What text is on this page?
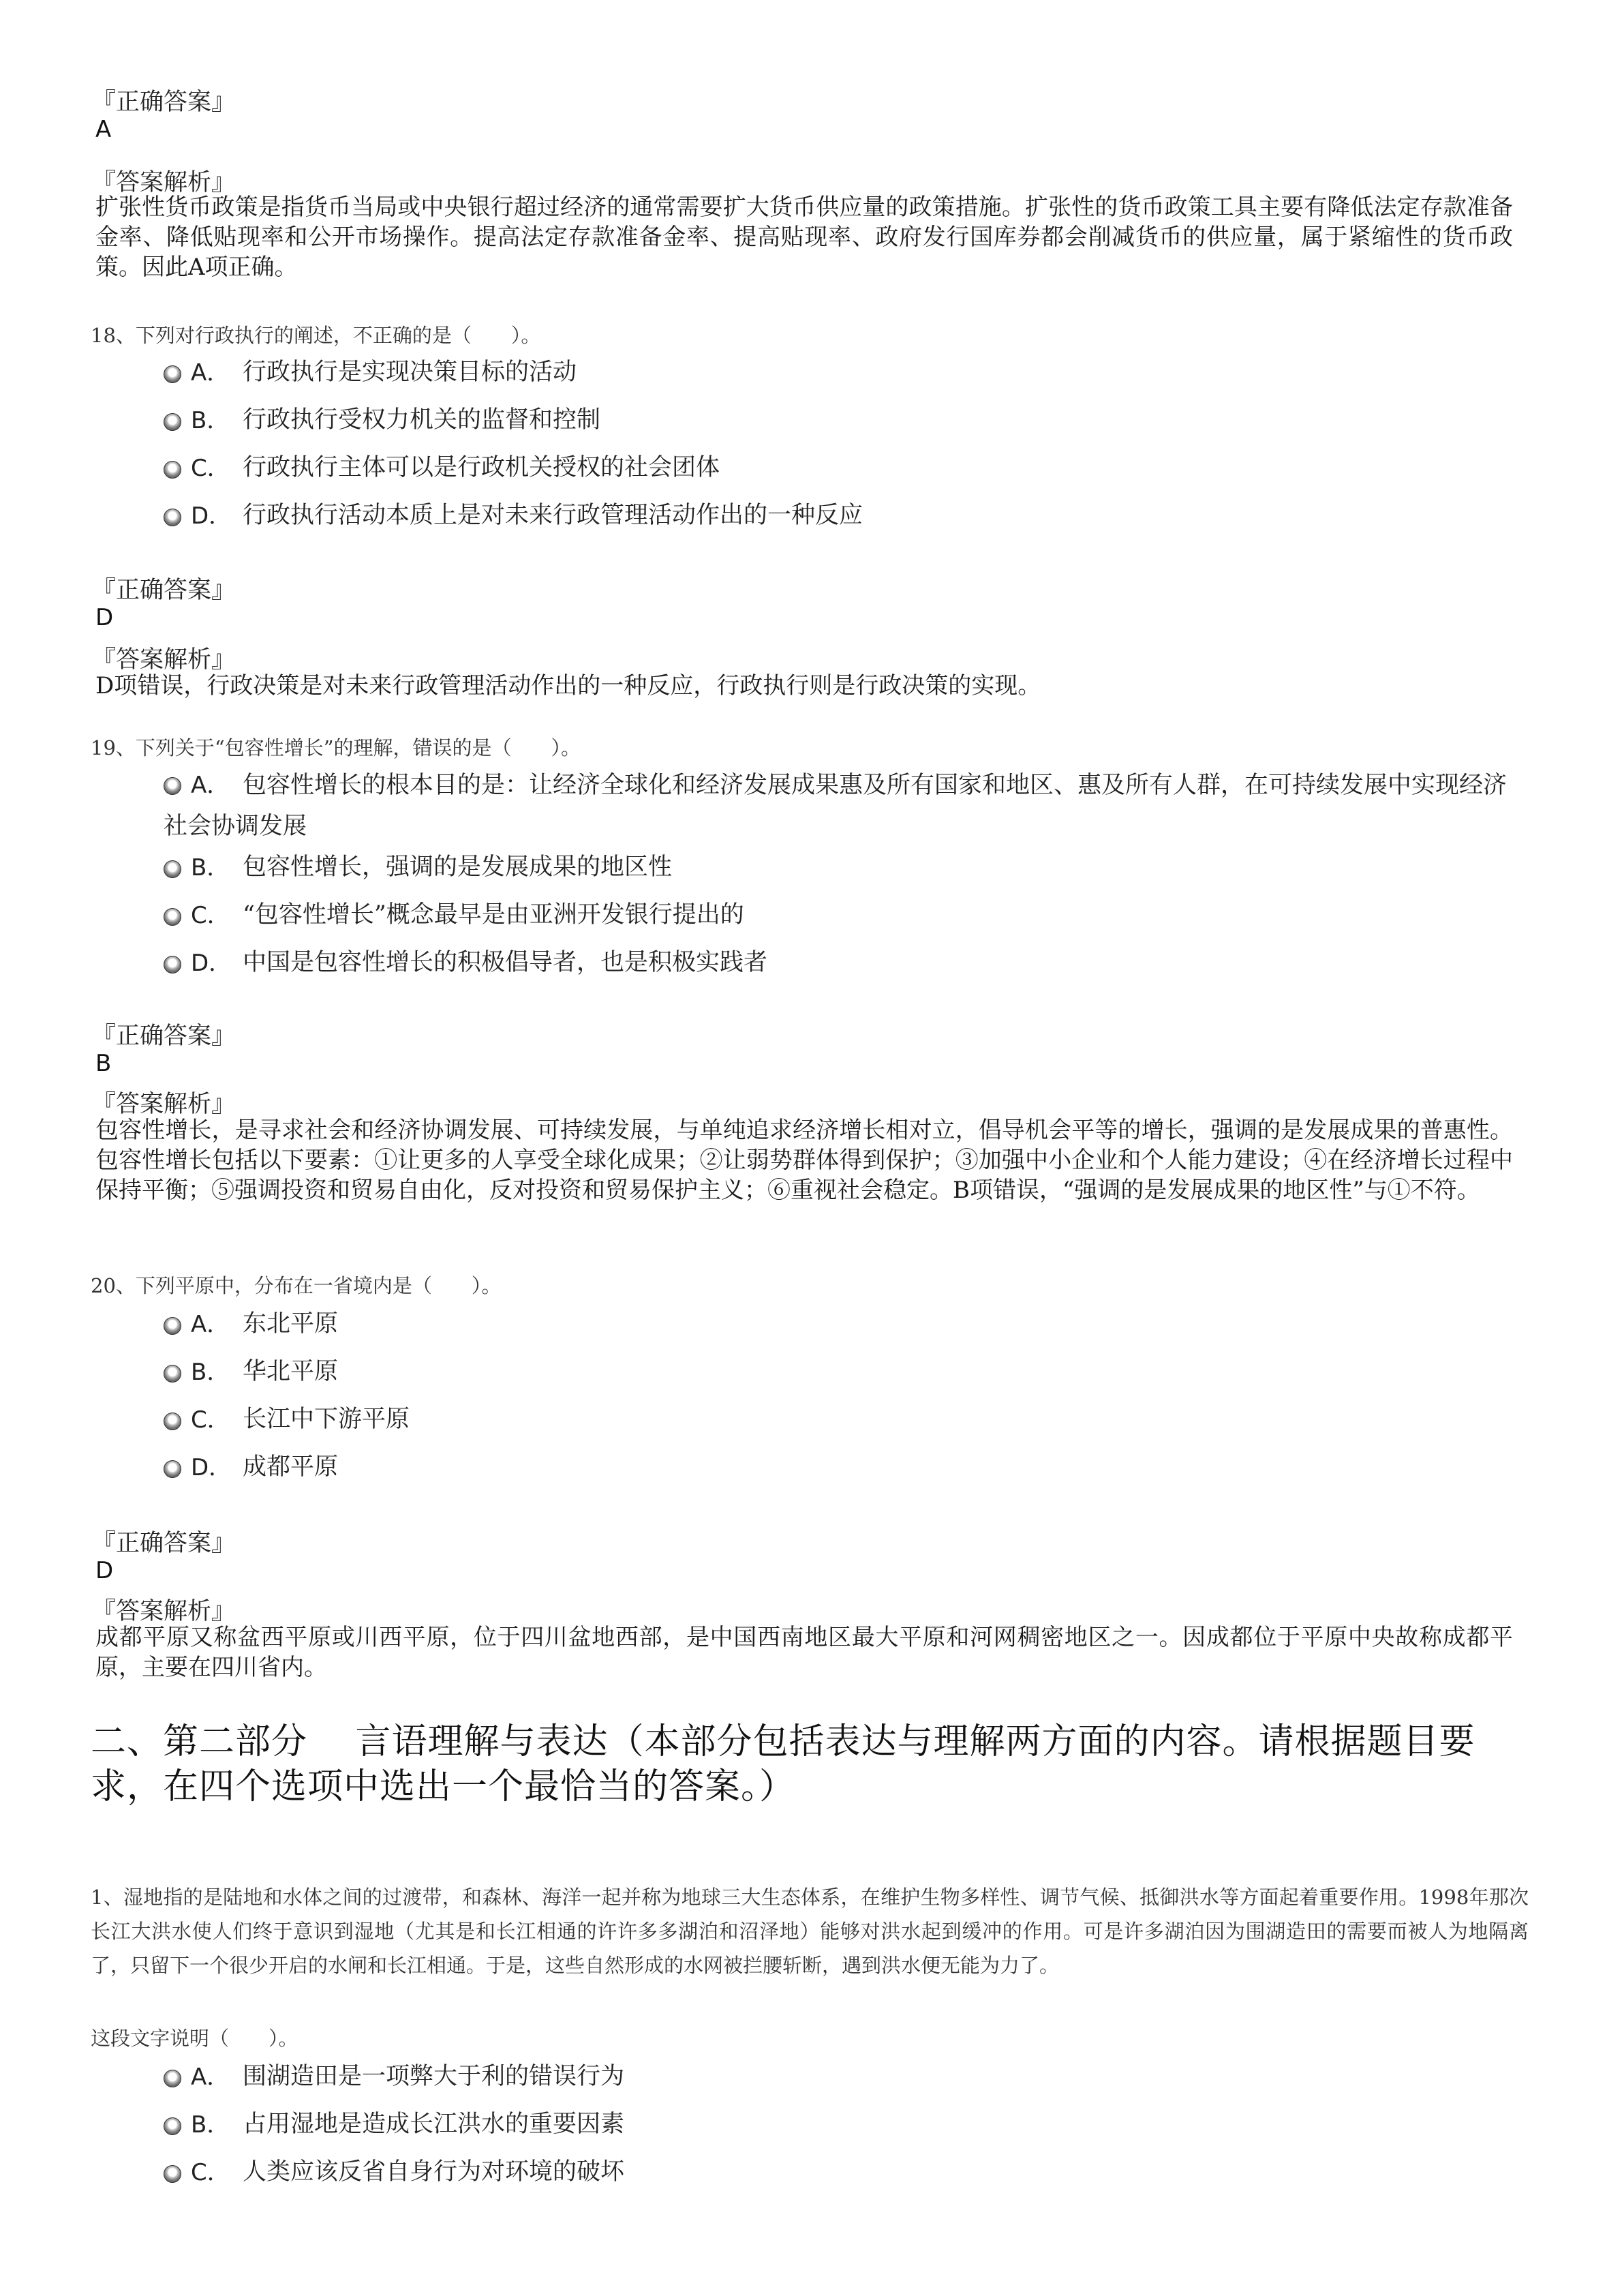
『正确答案』
A
『答案解析』
扩张性货币政策是指货币当局或中央银行超过经济的通常需要扩大货币供应量的政策措施。扩张性的货币政策工具主要有降低法定存款准备金率、降低贴现率和公开市场操作。提高法定存款准备金率、提高贴现率、政府发行国库券都会削减货币的供应量，属于紧缩性的货币政策。因此A项正确。
18、下列对行政执行的阐述，不正确的是（　　）。
A． 行政执行是实现决策目标的活动
B． 行政执行受权力机关的监督和控制
C． 行政执行主体可以是行政机关授权的社会团体
D． 行政执行活动本质上是对未来行政管理活动作出的一种反应
『正确答案』
D
『答案解析』
D项错误，行政决策是对未来行政管理活动作出的一种反应，行政执行则是行政决策的实现。
19、下列关于“包容性增长”的理解，错误的是（　　）。
A． 包容性增长的根本目的是：让经济全球化和经济发展成果惠及所有国家和地区、惠及所有人群，在可持续发展中实现经济社会协调发展
B． 包容性增长，强调的是发展成果的地区性
C． “包容性增长”概念最早是由亚洲开发银行提出的
D． 中国是包容性增长的积极倡导者，也是积极实践者
『正确答案』
B
『答案解析』
包容性增长，是寻求社会和经济协调发展、可持续发展，与单纯追求经济增长相对立，倡导机会平等的增长，强调的是发展成果的普惠性。包容性增长包括以下要素：①让更多的人享受全球化成果；②让弱势群体得到保护；③加强中小企业和个人能力建设；④在经济增长过程中保持平衡；⑤强调投资和贸易自由化，反对投资和贸易保护主义；⑥重视社会稳定。B项错误，“强调的是发展成果的地区性”与①不符。
20、下列平原中，分布在一省境内是（　　）。
A． 东北平原
B． 华北平原
C． 长江中下游平原
D． 成都平原
『正确答案』
D
『答案解析』
成都平原又称盆西平原或川西平原，位于四川盆地西部，是中国西南地区最大平原和河网稠密地区之一。因成都位于平原中央故称成都平原，主要在四川省内。
二、第二部分　 言语理解与表达（本部分包括表达与理解两方面的内容。请根据题目要求，在四个选项中选出一个最恰当的答案。）
1、湿地指的是陆地和水体之间的过渡带，和森林、海洋一起并称为地球三大生态体系，在维护生物多样性、调节气候、抵御洪水等方面起着重要作用。1998年那次长江大洪水使人们终于意识到湿地（尤其是和长江相通的许许多多湖泊和沼泽地）能够对洪水起到缓冲的作用。可是许多湖泊因为围湖造田的需要而被人为地隔离了，只留下一个很少开启的水闸和长江相通。于是，这些自然形成的水网被拦腰斩断，遇到洪水便无能为力了。
这段文字说明（　　）。
A． 围湖造田是一项弊大于利的错误行为
B． 占用湿地是造成长江洪水的重要因素
C． 人类应该反省自身行为对环境的破坏
